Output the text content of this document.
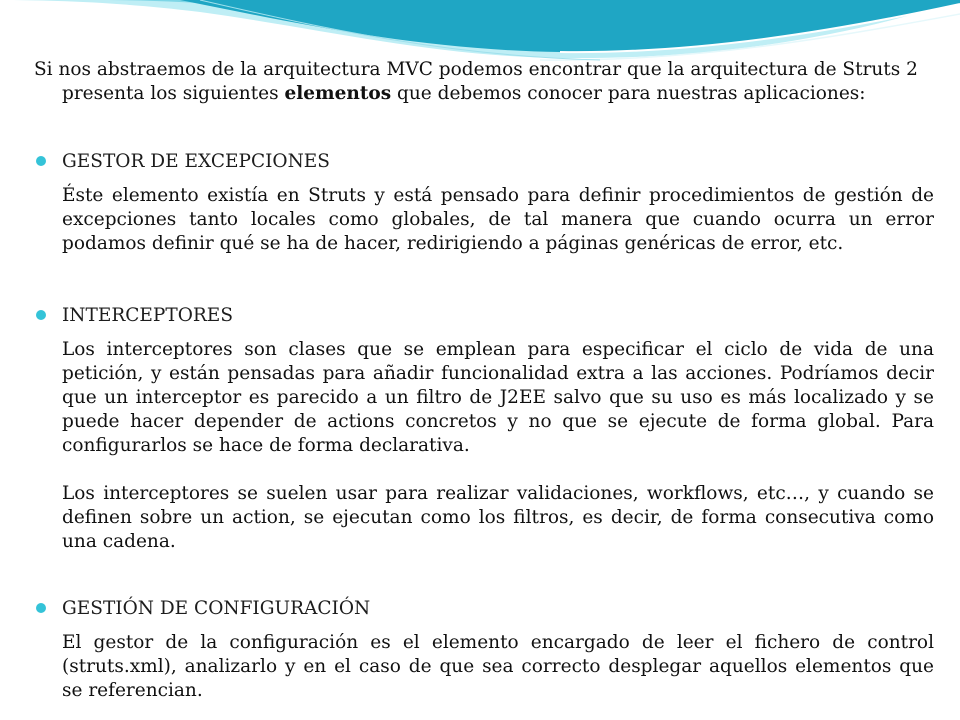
Si nos abstraemos de la arquitectura MVC podemos encontrar que la arquitectura de Struts 2
presenta los siguientes elementos que debemos conocer para nuestras aplicaciones:
GESTOR DE EXCEPCIONES
Éste elemento existía en Struts y está pensado para definir procedimientos de gestión de excepciones tanto locales como globales, de tal manera que cuando ocurra un error podamos definir qué se ha de hacer, redirigiendo a páginas genéricas de error, etc.
INTERCEPTORES
Los interceptores son clases que se emplean para especificar el ciclo de vida de una petición, y están pensadas para añadir funcionalidad extra a las acciones. Podríamos decir que un interceptor es parecido a un filtro de J2EE salvo que su uso es más localizado y se puede hacer depender de actions concretos y no que se ejecute de forma global. Para configurarlos se hace de forma declarativa.
Los interceptores se suelen usar para realizar validaciones, workflows, etc…, y cuando se definen sobre un action, se ejecutan como los filtros, es decir, de forma consecutiva como una cadena.
GESTIÓN DE CONFIGURACIÓN
El gestor de la configuración es el elemento encargado de leer el fichero de control (struts.xml), analizarlo y en el caso de que sea correcto desplegar aquellos elementos que se referencian.
